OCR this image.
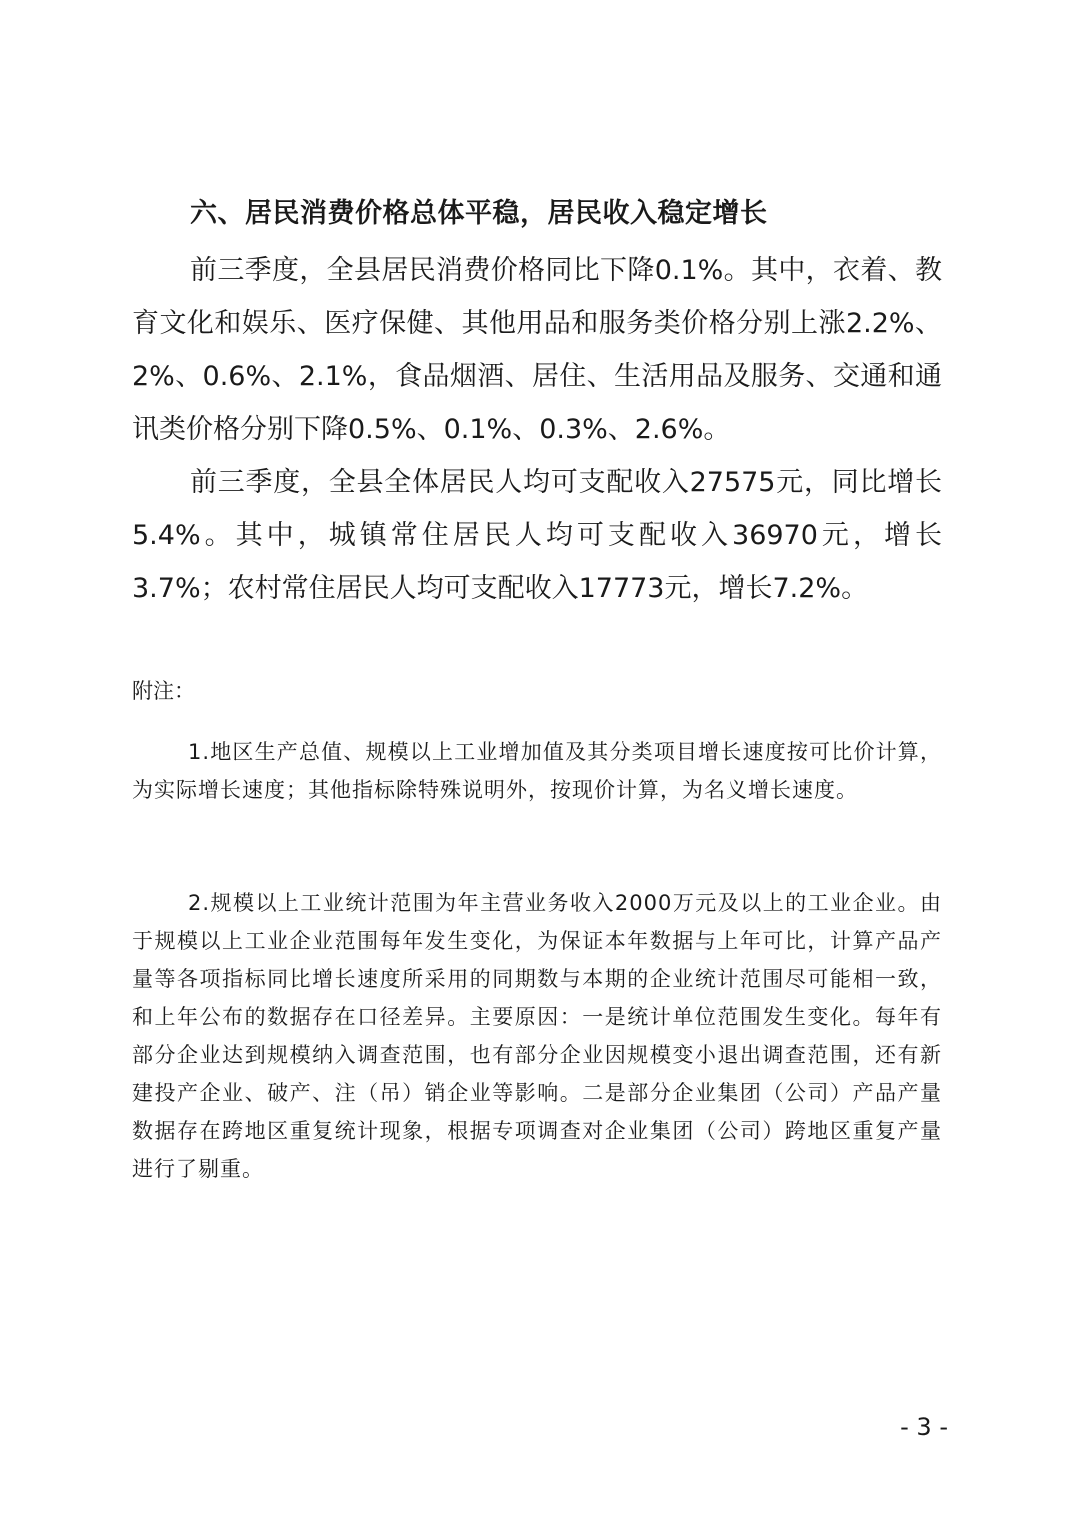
六、居民消费价格总体平稳，居民收入稳定增长

前三季度，全县居民消费价格同比下降0.1%。其中，衣着、教育文化和娱乐、医疗保健、其他用品和服务类价格分别上涨2.2%、2%、0.6%、2.1%，食品烟酒、居住、生活用品及服务、交通和通讯类价格分别下降0.5%、0.1%、0.3%、2.6%。

前三季度，全县全体居民人均可支配收入27575元，同比增长5.4%。其中，城镇常住居民人均可支配收入36970元，增长3.7%；农村常住居民人均可支配收入17773元，增长7.2%。

附注：

1.地区生产总值、规模以上工业增加值及其分类项目增长速度按可比价计算，为实际增长速度；其他指标除特殊说明外，按现价计算，为名义增长速度。

2.规模以上工业统计范围为年主营业务收入2000万元及以上的工业企业。由于规模以上工业企业范围每年发生变化，为保证本年数据与上年可比，计算产品产量等各项指标同比增长速度所采用的同期数与本期的企业统计范围尽可能相一致，和上年公布的数据存在口径差异。主要原因：一是统计单位范围发生变化。每年有部分企业达到规模纳入调查范围，也有部分企业因规模变小退出调查范围，还有新建投产企业、破产、注（吊）销企业等影响。二是部分企业集团（公司）产品产量数据存在跨地区重复统计现象，根据专项调查对企业集团（公司）跨地区重复产量进行了剔重。

- 3 -
